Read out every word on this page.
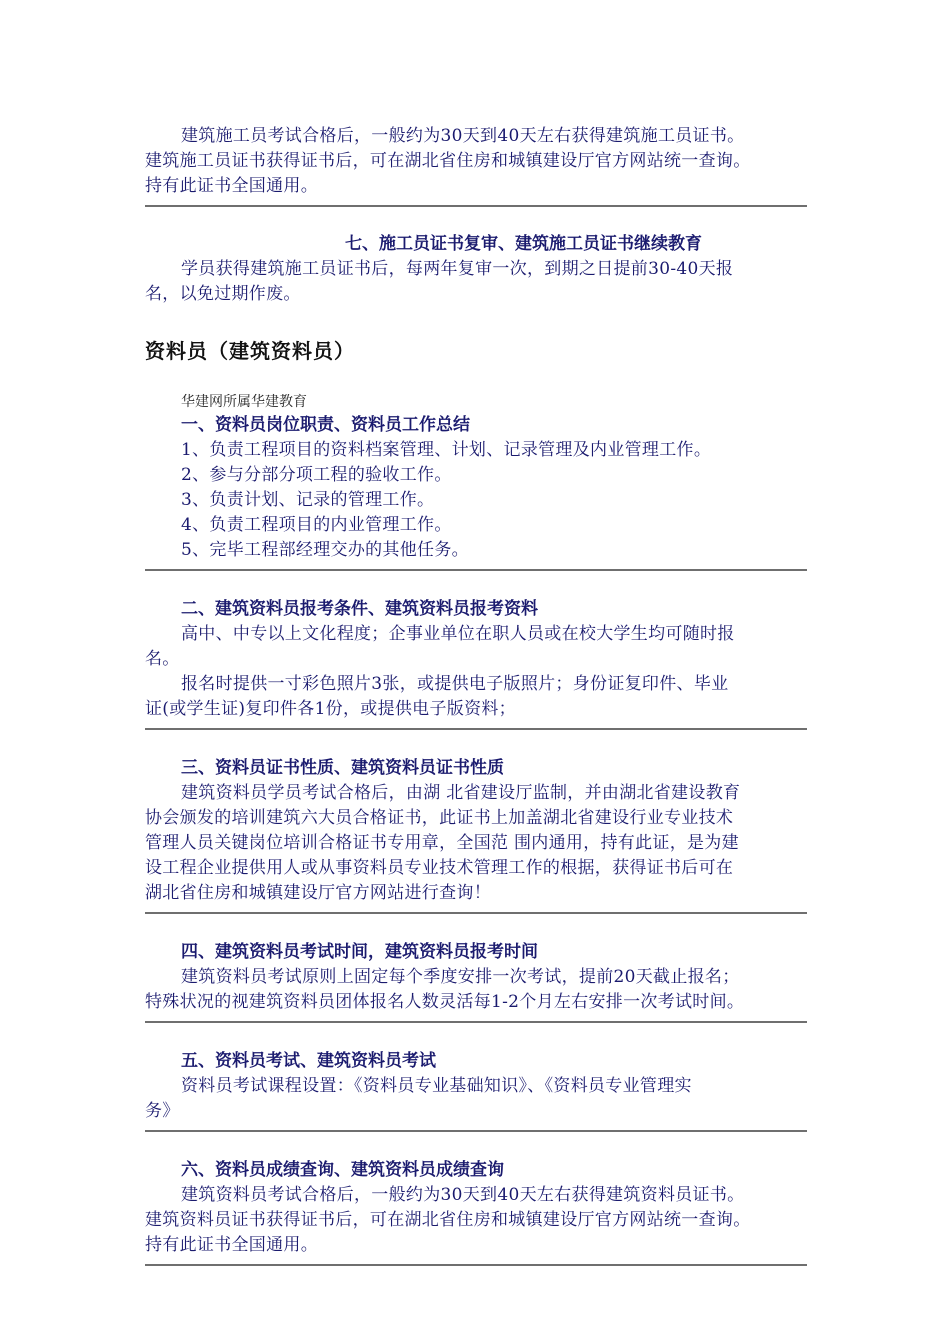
建筑施工员考试合格后，一般约为30天到40天左右获得建筑施工员证书。

建筑施工员证书获得证书后，可在湖北省住房和城镇建设厅官方网站统一查询。

持有此证书全国通用。

七、施工员证书复审、建筑施工员证书继续教育

学员获得建筑施工员证书后，每两年复审一次，到期之日提前30-40天报

名，以免过期作废。

资料员（建筑资料员）

华建网所属华建教育

一、资料员岗位职责、资料员工作总结

1、负责工程项目的资料档案管理、计划、记录管理及内业管理工作。

2、参与分部分项工程的验收工作。

3、负责计划、记录的管理工作。

4、负责工程项目的内业管理工作。

5、完毕工程部经理交办的其他任务。

二、建筑资料员报考条件、建筑资料员报考资料

高中、中专以上文化程度；企事业单位在职人员或在校大学生均可随时报

名。

报名时提供一寸彩色照片3张，或提供电子版照片；身份证复印件、毕业

证(或学生证)复印件各1份，或提供电子版资料；

三、资料员证书性质、建筑资料员证书性质

建筑资料员学员考试合格后，由湖 北省建设厅监制，并由湖北省建设教育

协会颁发的培训建筑六大员合格证书，此证书上加盖湖北省建设行业专业技术

管理人员关键岗位培训合格证书专用章，全国范 围内通用，持有此证，是为建

设工程企业提供用人或从事资料员专业技术管理工作的根据，获得证书后可在

湖北省住房和城镇建设厅官方网站进行查询！

四、建筑资料员考试时间，建筑资料员报考时间

建筑资料员考试原则上固定每个季度安排一次考试，提前20天截止报名；

特殊状况的视建筑资料员团体报名人数灵活每1-2个月左右安排一次考试时间。

五、资料员考试、建筑资料员考试

资料员考试课程设置：《资料员专业基础知识》、《资料员专业管理实

务》

六、资料员成绩查询、建筑资料员成绩查询

建筑资料员考试合格后，一般约为30天到40天左右获得建筑资料员证书。

建筑资料员证书获得证书后，可在湖北省住房和城镇建设厅官方网站统一查询。

持有此证书全国通用。
